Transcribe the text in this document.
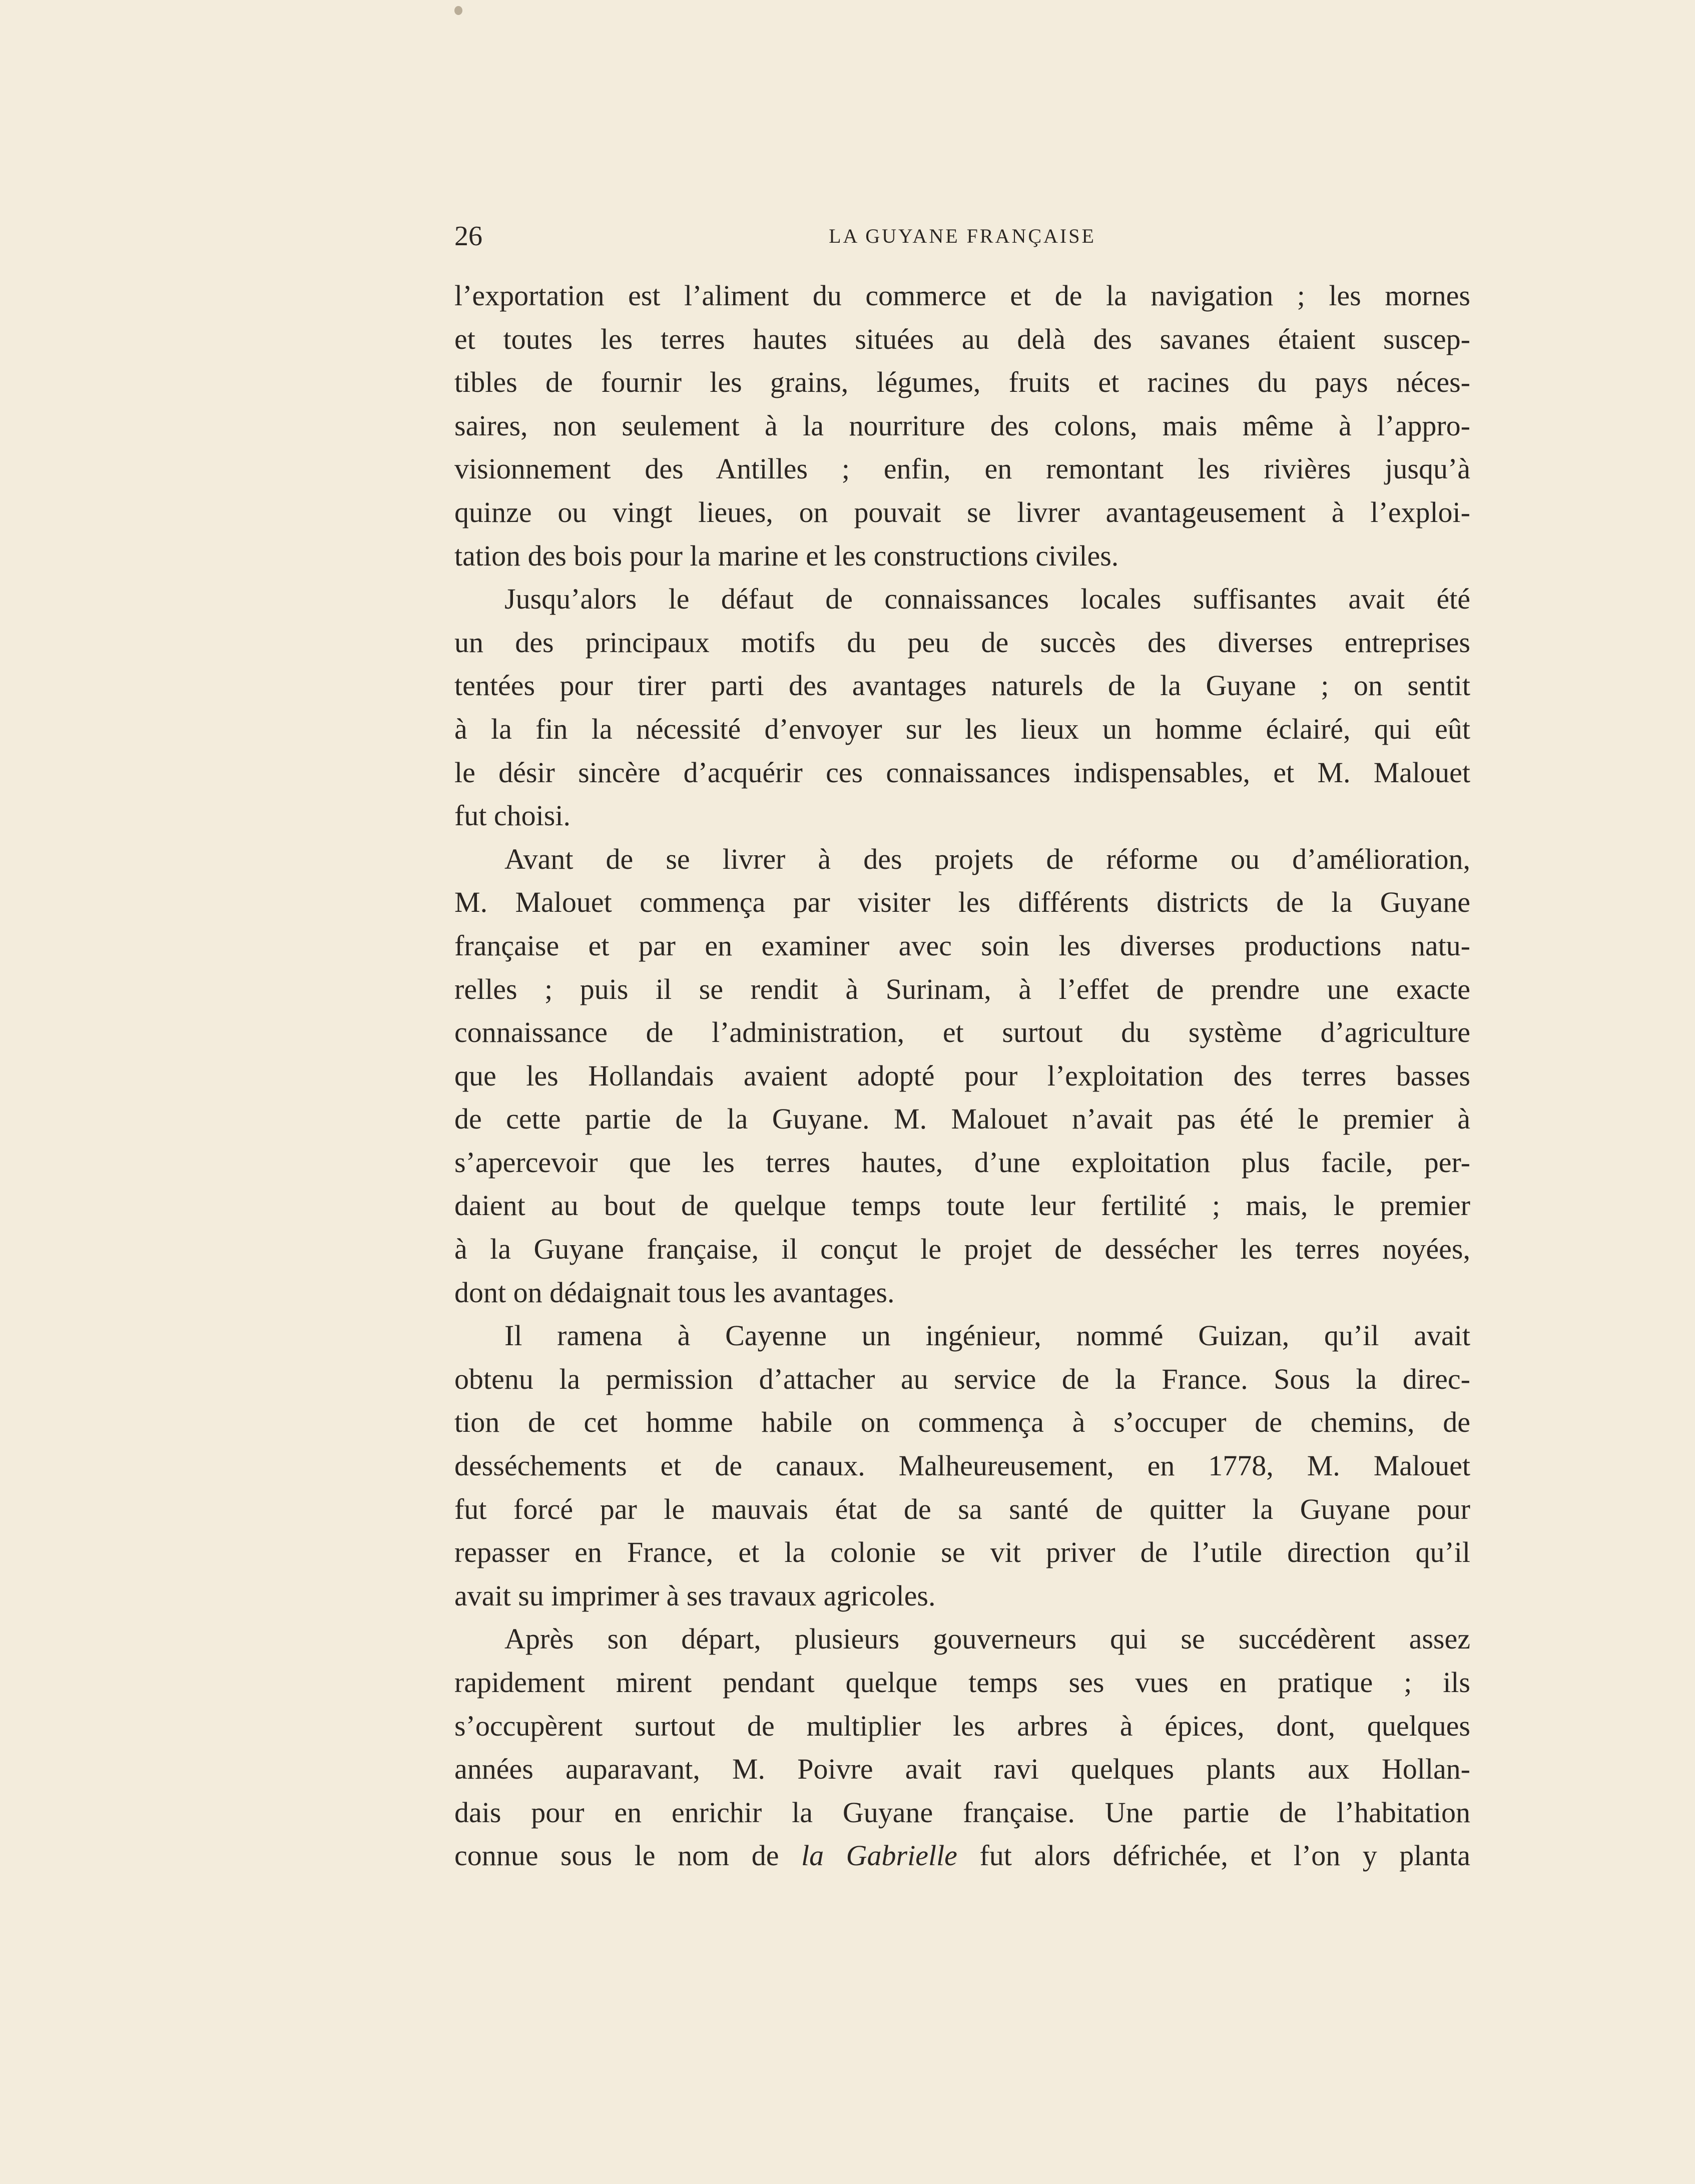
26	LA GUYANE FRANÇAISE
l’exportation est l’aliment du commerce et de la navigation ; les mornes
et toutes les terres hautes situées au delà des savanes étaient suscep-
tibles de fournir les grains, légumes, fruits et racines du pays néces-
saires, non seulement à la nourriture des colons, mais même à l’appro-
visionnement des Antilles ; enfin, en remontant les rivières jusqu’à
quinze ou vingt lieues, on pouvait se livrer avantageusement à l’exploi-
tation des bois pour la marine et les constructions civiles.
Jusqu’alors le défaut de connaissances locales suffisantes avait été
un des principaux motifs du peu de succès des diverses entreprises
tentées pour tirer parti des avantages naturels de la Guyane ; on sentit
à la fin la nécessité d’envoyer sur les lieux un homme éclairé, qui eût
le désir sincère d’acquérir ces connaissances indispensables, et M. Malouet
fut choisi.
Avant de se livrer à des projets de réforme ou d’amélioration,
M. Malouet commença par visiter les différents districts de la Guyane
française et par en examiner avec soin les diverses productions natu-
relles ; puis il se rendit à Surinam, à l’effet de prendre une exacte
connaissance de l’administration, et surtout du système d’agriculture
que les Hollandais avaient adopté pour l’exploitation des terres basses
de cette partie de la Guyane. M. Malouet n’avait pas été le premier à
s’apercevoir que les terres hautes, d’une exploitation plus facile, per-
daient au bout de quelque temps toute leur fertilité ; mais, le premier
à la Guyane française, il conçut le projet de dessécher les terres noyées,
dont on dédaignait tous les avantages.
Il ramena à Cayenne un ingénieur, nommé Guizan, qu’il avait
obtenu la permission d’attacher au service de la France. Sous la direc-
tion de cet homme habile on commença à s’occuper de chemins, de
desséchements et de canaux. Malheureusement, en 1778, M. Malouet
fut forcé par le mauvais état de sa santé de quitter la Guyane pour
repasser en France, et la colonie se vit priver de l’utile direction qu’il
avait su imprimer à ses travaux agricoles.
Après son départ, plusieurs gouverneurs qui se succédèrent assez
rapidement mirent pendant quelque temps ses vues en pratique ; ils
s’occupèrent surtout de multiplier les arbres à épices, dont, quelques
années auparavant, M. Poivre avait ravi quelques plants aux Hollan-
dais pour en enrichir la Guyane française. Une partie de l’habitation
connue sous le nom de la Gabrielle fut alors défrichée, et l’on y planta
